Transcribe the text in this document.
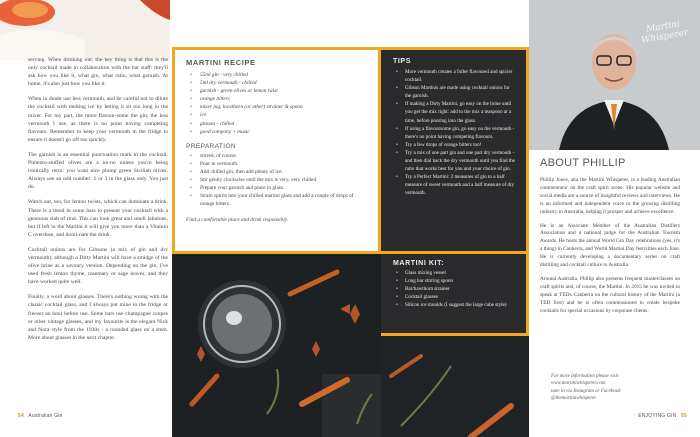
serving. When drinking out, the key thing is that this is the only cocktail made in collaboration with the bar staff: they'll ask how you like it, what gin, what ratio, what garnish. At home, it's also just how you like it.

When in doubt use less vermouth, and be careful not to dilute the cocktail with melting ice by letting it sit too long in the mixer. For my part, the more flavour-some the gin, the less vermouth I use, as there is no point having competing flavours. Remember to keep your vermouth in the fridge to ensure it doesn't go off too quickly.

The garnish is an essential punctuation mark in the cocktail. Pimento-stuffed olives are a no-no unless you're being ironically retro: you want nice plump green Sicilian olives. Always use an odd number: 1 or 3 in the glass only. You just do.

Watch out, too, for lemon twists, which can dominate a drink. There is a trend in some bars to present your cocktail with a generous slab of rind. This can look great and smell fabulous, but if left in the Martini it will give you more than a Vitamin C overdose, and domi-nate the drink.

Cocktail onions are for Gibsons (a mix of gin and dry vermouth), although a Dirty Martini will have a smidge of the olive brine as a savoury version. Depending on the gin, I've used fresh lemon thyme, rosemary or sage leaves, and they have worked quite well.

Finally, a word about glasses. There's nothing wrong with the classic cocktail glass, and I always put mine in the fridge or freezer an hour before use. Some bars use champagne coupes or other vintage glasses, and my favourite is the elegant Nick and Nora style from the 1930s - a rounded glass on a stem. More about glasses in the next chapter.

54 Australian Gin
MARTINI RECIPE
• 55ml gin - very chilled
• 5ml dry vermouth - chilled
• garnish - green olives or lemon twist
• orange bitters
• mixer jug, hawthorn (or other) strainer & spoon
• ice
• glasses - chilled
• good company + music
PREPARATION
• stirred, of course.
• Pour in vermouth.
• Add chilled gin, then add plenty of ice.
• Stir gently clockwise until the mix is very, very chilled.
• Prepare your garnish and place in glass.
• Strain spirits into your chilled martini glass and add a couple of drops of orange bitters.

Find a comfortable place and drink responsibly.

TIPS
• More vermouth creates a fuller flavoured and spicier cocktail.
• Gibson Martinis are made using cocktail onions for the garnish.
• If making a Dirty Martini, go easy on the brine until you get the mix right: add to the mix a teaspoon at a time, before pouring into the glass.
• If using a flavoursome gin, go easy on the vermouth - there's no point having competing flavours.
• Try a few drops of orange bitters too!
• Try a mix of one part gin and one part dry vermouth - and then dial back the dry vermouth until you find the ratio that works best for you and your choice of gin.
• Try a Perfect Martini: 2 measures of gin to a half measure of sweet vermouth and a half measure of dry vermouth.
MARTINI KIT:
• Glass mixing vessel
• Long bar stirring spoon
• Bar/hawthorn strainer
• Cocktail glasses
• Silicon ice moulds (I suggest the large cube style)
Martini Whisperer
ABOUT PHILLIP

Phillip Jones, aka the Martini Whisperer, is a leading Australian commentator on the craft spirit scene. His popular website and social media are a source of insightful reviews and interviews. He is an informed and independent voice to the growing distilling industry in Australia, helping it prosper and achieve excellence.

He is an Associate Member of the Australian Distillers Association and a national judge for the Australian Tourism Awards. He hosts the annual World Gin Day celebrations (yes, it's a thing) in Canberra, and World Martini Day festivities each June. He is currently developing a documentary series on craft distilling and cocktail culture in Australia.

Around Australia, Phillip also presents frequent masterclasses on craft spirits and, of course, the Martini. In 2015 he was invited to speak at TEDx Canberra on the cultural history of the Martini (a TED first) and he is often commissioned to create bespoke cocktails for special occasions by corporate clients.

For more information please visit
www.martiniwhisperer.com
tune in via Instagram or Facebook
@themartiniwhisperer.
ENJOYING GIN 55
